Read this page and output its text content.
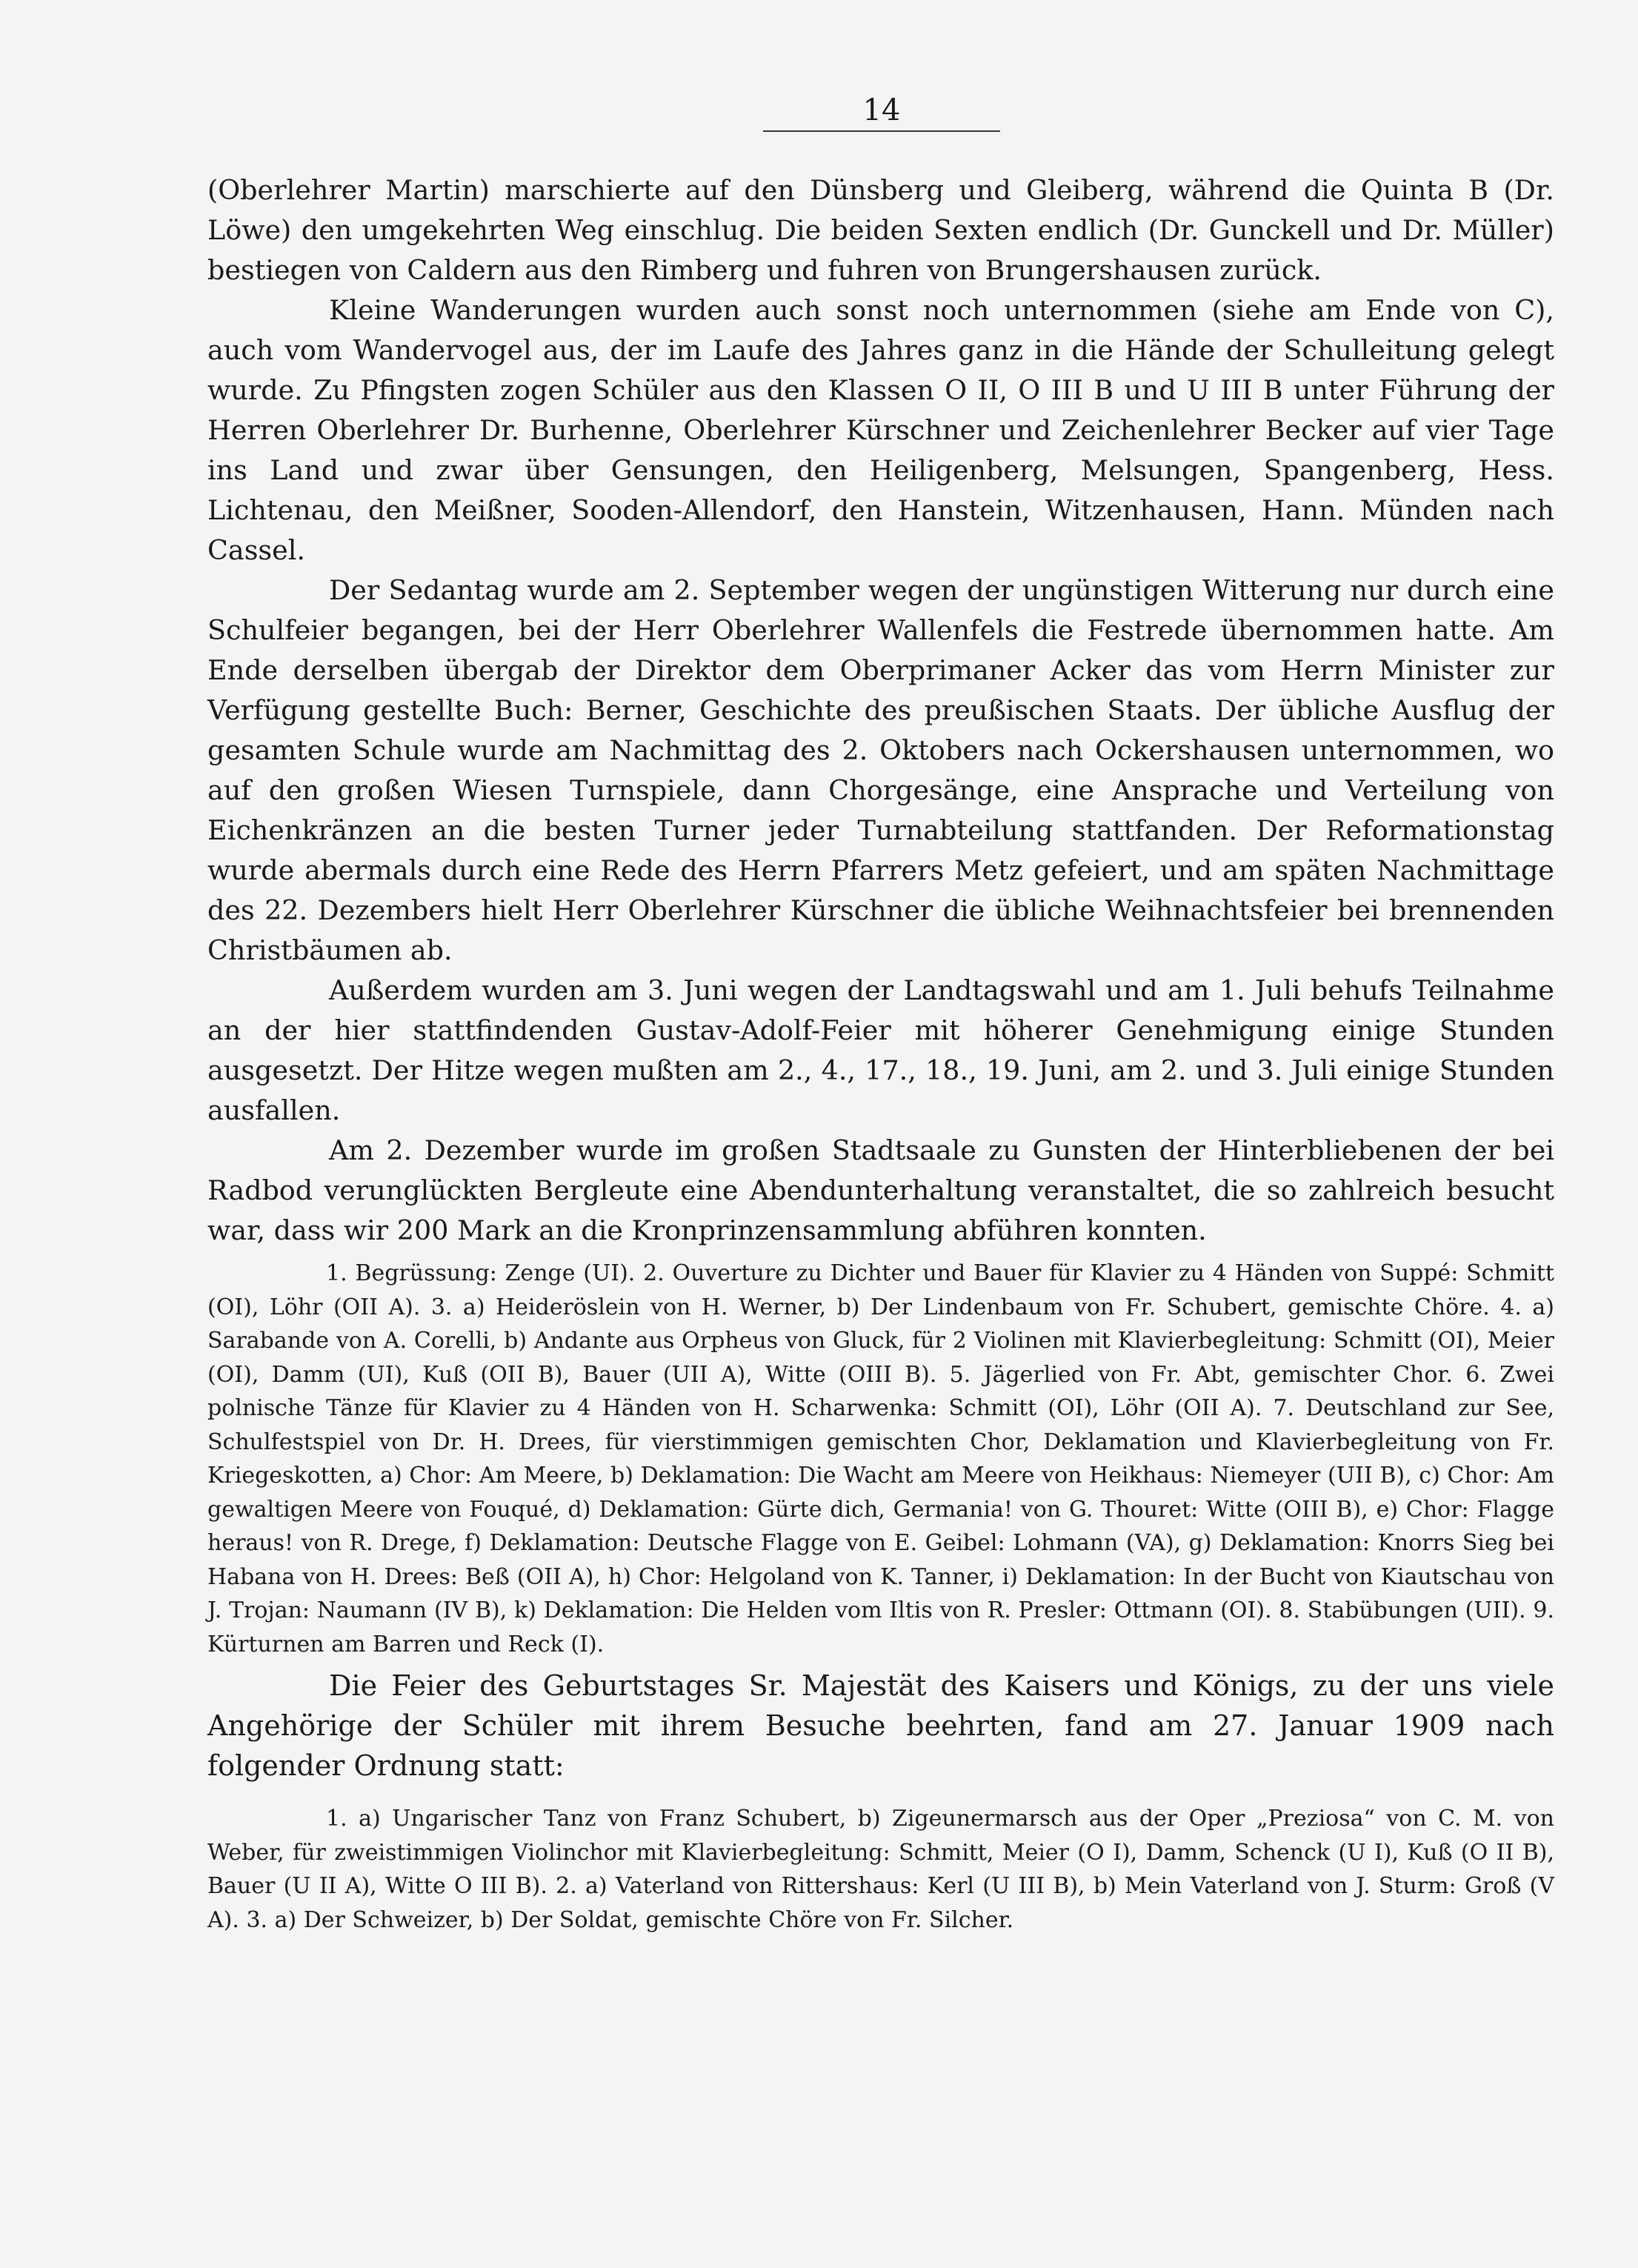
14

(Oberlehrer Martin) marschierte auf den Dünsberg und Gleiberg, während die Quinta B (Dr. Löwe) den umgekehrten Weg einschlug. Die beiden Sexten endlich (Dr. Gunckell und Dr. Müller) bestiegen von Caldern aus den Rimberg und fuhren von Brungershausen zurück.

Kleine Wanderungen wurden auch sonst noch unternommen (siehe am Ende von C), auch vom Wandervogel aus, der im Laufe des Jahres ganz in die Hände der Schulleitung gelegt wurde. Zu Pfingsten zogen Schüler aus den Klassen O II, O III B und U III B unter Führung der Herren Oberlehrer Dr. Burhenne, Oberlehrer Kürschner und Zeichenlehrer Becker auf vier Tage ins Land und zwar über Gensungen, den Heiligenberg, Melsungen, Spangenberg, Hess. Lichtenau, den Meißner, Sooden-Allendorf, den Hanstein, Witzenhausen, Hann. Münden nach Cassel.

Der Sedantag wurde am 2. September wegen der ungünstigen Witterung nur durch eine Schulfeier begangen, bei der Herr Oberlehrer Wallenfels die Festrede übernommen hatte. Am Ende derselben übergab der Direktor dem Oberprimaner Acker das vom Herrn Minister zur Verfügung gestellte Buch: Berner, Geschichte des preußischen Staats. Der übliche Ausflug der gesamten Schule wurde am Nachmittag des 2. Oktobers nach Ockershausen unternommen, wo auf den großen Wiesen Turnspiele, dann Chorgesänge, eine Ansprache und Verteilung von Eichenkränzen an die besten Turner jeder Turnabteilung stattfanden. Der Reformationstag wurde abermals durch eine Rede des Herrn Pfarrers Metz gefeiert, und am späten Nachmittage des 22. Dezembers hielt Herr Oberlehrer Kürschner die übliche Weihnachtsfeier bei brennenden Christbäumen ab.

Außerdem wurden am 3. Juni wegen der Landtagswahl und am 1. Juli behufs Teilnahme an der hier stattfindenden Gustav-Adolf-Feier mit höherer Genehmigung einige Stunden ausgesetzt. Der Hitze wegen mußten am 2., 4., 17., 18., 19. Juni, am 2. und 3. Juli einige Stunden ausfallen.

Am 2. Dezember wurde im großen Stadtsaale zu Gunsten der Hinterbliebenen der bei Radbod verunglückten Bergleute eine Abendunterhaltung veranstaltet, die so zahlreich besucht war, dass wir 200 Mark an die Kronprinzensammlung abführen konnten.

1. Begrüssung: Zenge (UI). 2. Ouverture zu Dichter und Bauer für Klavier zu 4 Händen von Suppé: Schmitt (OI), Löhr (OII A). 3. a) Heideröslein von H. Werner, b) Der Lindenbaum von Fr. Schubert, gemischte Chöre. 4. a) Sarabande von A. Corelli, b) Andante aus Orpheus von Gluck, für 2 Violinen mit Klavierbegleitung: Schmitt (OI), Meier (OI), Damm (UI), Kuß (OII B), Bauer (UII A), Witte (OIII B). 5. Jägerlied von Fr. Abt, gemischter Chor. 6. Zwei polnische Tänze für Klavier zu 4 Händen von H. Scharwenka: Schmitt (OI), Löhr (OII A). 7. Deutschland zur See, Schulfestspiel von Dr. H. Drees, für vierstimmigen gemischten Chor, Deklamation und Klavierbegleitung von Fr. Kriegeskotten, a) Chor: Am Meere, b) Deklamation: Die Wacht am Meere von Heikhaus: Niemeyer (UII B), c) Chor: Am gewaltigen Meere von Fouqué, d) Deklamation: Gürte dich, Germania! von G. Thouret: Witte (OIII B), e) Chor: Flagge heraus! von R. Drege, f) Deklamation: Deutsche Flagge von E. Geibel: Lohmann (VA), g) Deklamation: Knorrs Sieg bei Habana von H. Drees: Beß (OII A), h) Chor: Helgoland von K. Tanner, i) Deklamation: In der Bucht von Kiautschau von J. Trojan: Naumann (IV B), k) Deklamation: Die Helden vom Iltis von R. Presler: Ottmann (OI). 8. Stabübungen (UII). 9. Kürturnen am Barren und Reck (I).

Die Feier des Geburtstages Sr. Majestät des Kaisers und Königs, zu der uns viele Angehörige der Schüler mit ihrem Besuche beehrten, fand am 27. Januar 1909 nach folgender Ordnung statt:

1. a) Ungarischer Tanz von Franz Schubert, b) Zigeunermarsch aus der Oper „Preziosa“ von C. M. von Weber, für zweistimmigen Violinchor mit Klavierbegleitung: Schmitt, Meier (O I), Damm, Schenck (U I), Kuß (O II B), Bauer (U II A), Witte O III B). 2. a) Vaterland von Rittershaus: Kerl (U III B), b) Mein Vaterland von J. Sturm: Groß (V A). 3. a) Der Schweizer, b) Der Soldat, gemischte Chöre von Fr. Silcher.
